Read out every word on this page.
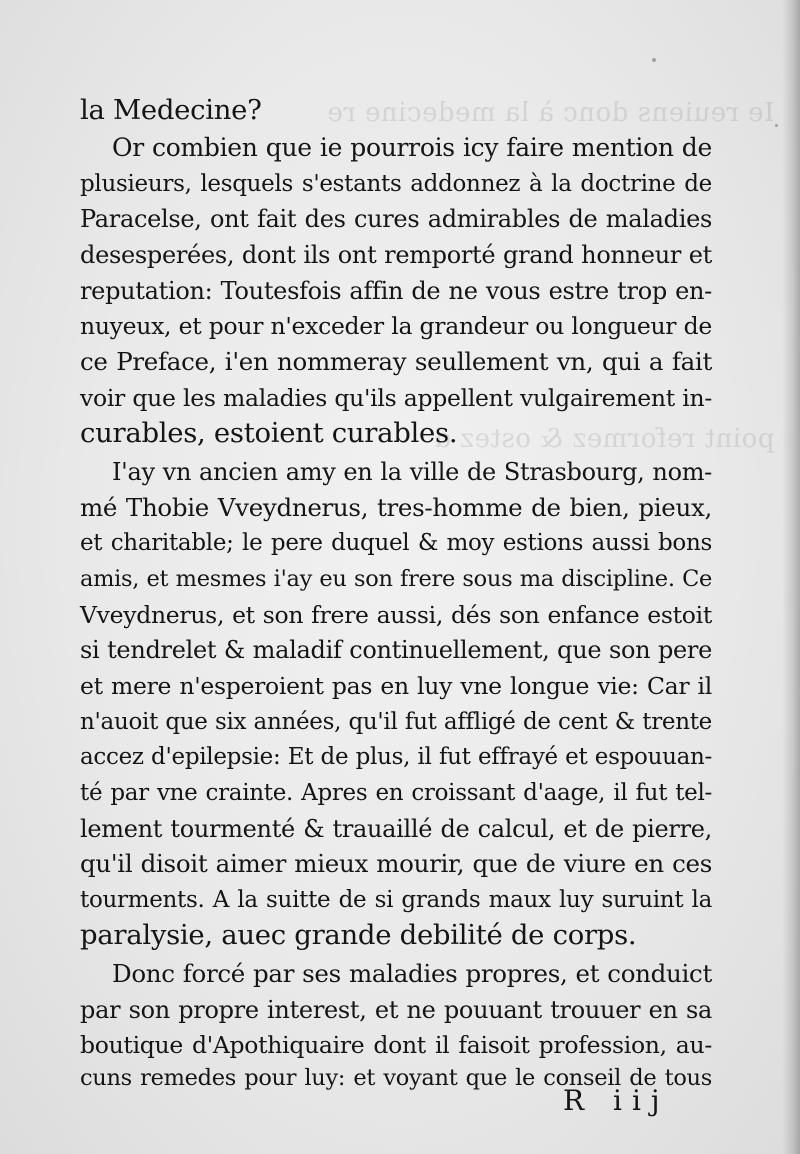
Ie reuiens donc à la medecine re
point reformez & ostez d
la Medecine?
Or combien que ie pourrois icy faire mention de
plusieurs, lesquels s'estants addonnez à la doctrine de
Paracelse, ont fait des cures admirables de maladies
desesperées, dont ils ont remporté grand honneur et
reputation: Toutesfois affin de ne vous estre trop en-
nuyeux, et pour n'exceder la grandeur ou longueur de
ce Preface, i'en nommeray seullement vn, qui a fait
voir que les maladies qu'ils appellent vulgairement in-
curables, estoient curables.
I'ay vn ancien amy en la ville de Strasbourg, nom-
mé Thobie Vveydnerus, tres-homme de bien, pieux,
et charitable; le pere duquel & moy estions aussi bons
amis, et mesmes i'ay eu son frere sous ma discipline. Ce
Vveydnerus, et son frere aussi, dés son enfance estoit
si tendrelet & maladif continuellement, que son pere
et mere n'esperoient pas en luy vne longue vie: Car il
n'auoit que six années, qu'il fut affligé de cent & trente
accez d'epilepsie: Et de plus, il fut effrayé et espouuan-
té par vne crainte. Apres en croissant d'aage, il fut tel-
lement tourmenté & trauaillé de calcul, et de pierre,
qu'il disoit aimer mieux mourir, que de viure en ces
tourments. A la suitte de si grands maux luy suruint la
paralysie, auec grande debilité de corps.
Donc forcé par ses maladies propres, et conduict
par son propre interest, et ne pouuant trouuer en sa
boutique d'Apothiquaire dont il faisoit profession, au-
cuns remedes pour luy: et voyant que le conseil de tous
R iij
